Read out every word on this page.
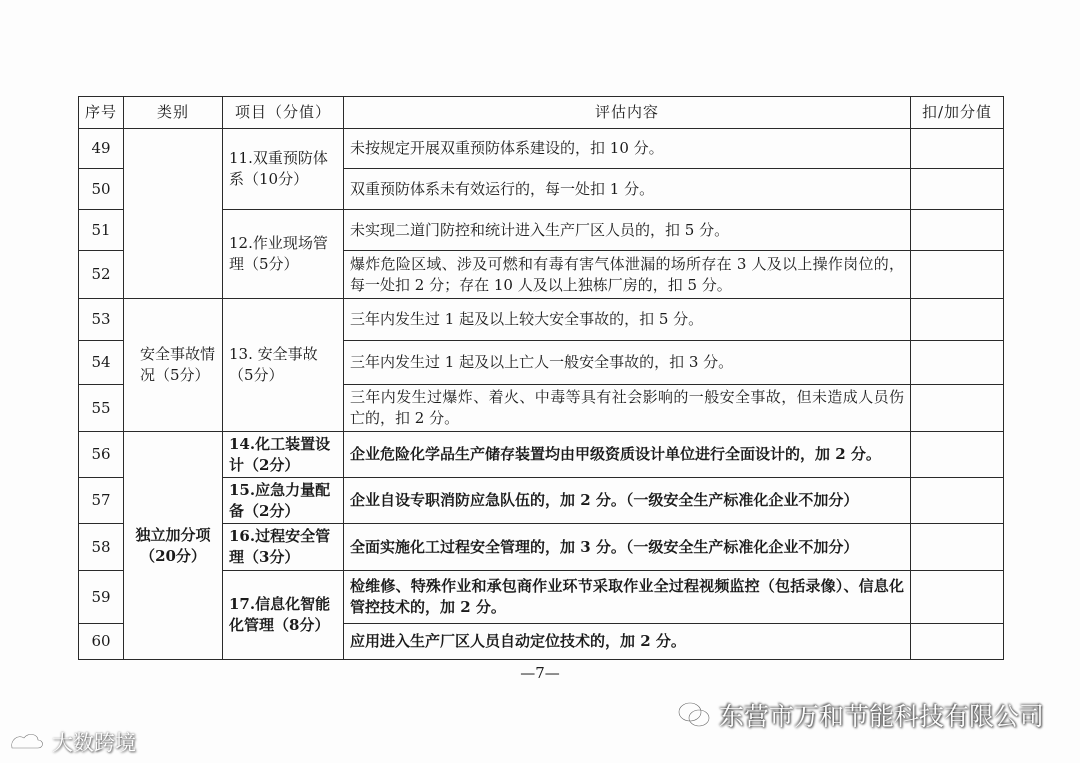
序号	类别	项目（分值）	评估内容	扣/加分值
49		11.双重预防体系（10分）	未按规定开展双重预防体系建设的，扣 10 分。	
50			双重预防体系未有效运行的，每一处扣 1 分。	
51		12.作业现场管理（5分）	未实现二道门防控和统计进入生产厂区人员的，扣 5 分。	
52			爆炸危险区域、涉及可燃和有毒有害气体泄漏的场所存在 3 人及以上操作岗位的，每一处扣 2 分；存在 10 人及以上独栋厂房的，扣 5 分。	
53	安全事故情况（5分）	13. 安全事故（5分）	三年内发生过 1 起及以上较大安全事故的，扣 5 分。	
54			三年内发生过 1 起及以上亡人一般安全事故的，扣 3 分。	
55			三年内发生过爆炸、着火、中毒等具有社会影响的一般安全事故，但未造成人员伤亡的，扣 2 分。	
56	独立加分项（20分）	14.化工装置设计（2分）	企业危险化学品生产储存装置均由甲级资质设计单位进行全面设计的，加 2 分。	
57		15.应急力量配备（2分）	企业自设专职消防应急队伍的，加 2 分。（一级安全生产标准化企业不加分）	
58		16.过程安全管理（3分）	全面实施化工过程安全管理的，加 3 分。（一级安全生产标准化企业不加分）	
59		17.信息化智能化管理（8分）	检维修、特殊作业和承包商作业环节采取作业全过程视频监控（包括录像）、信息化管控技术的，加 2 分。	
60			应用进入生产厂区人员自动定位技术的，加 2 分。	
—7—
东营市万和节能科技有限公司
大数跨境
